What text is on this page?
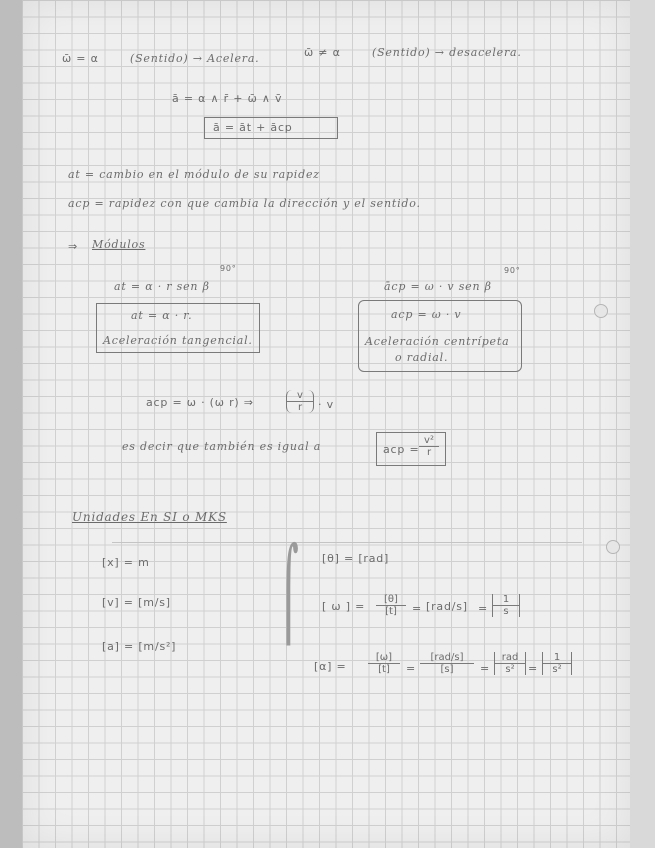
ω̄ = α	(Sentido) → Acelera.	ω̄ ≠ α	(Sentido) → desacelera.
ā = α ∧ r̄ + ω̄ ∧ v̄
ā = āt + ācp
at = cambio en el módulo de su rapidez
acp = rapidez con que cambia la dirección y el sentido.
⇒ Módulos
90°
at = α · r sen β
at = α · r.
Aceleración tangencial.
90°
ācp = ω · v sen β
acp = ω · v
Aceleración centrípeta
o radial.
acp = ω · (ω r) ⇒	$\frac{v}{r} \cdot v$
es decir que también es igual a	acp = $\frac{\text{v²}}{r}$
Unidades En SI o MKS
[x] = m
[v] = [m/s]
[a] = [m/s²]
⌠ [θ] = [rad]
[ ω ] = $\frac{[\theta]}{[t]} = [rad/s] = \frac{1}{s}$
$[\alpha] = \frac{[\omega]}{[t]}$ =
[rad/s]
[s]	=
rad
s²	= $\frac{1}{\text{s²}}$
